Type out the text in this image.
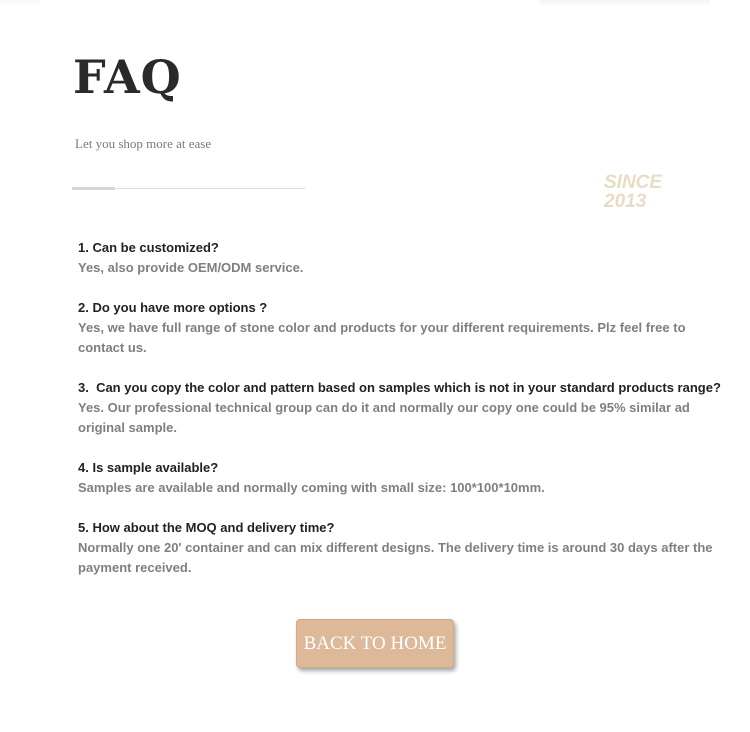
FAQ

Let you shop more at ease

SINCE
2013

1. Can be customized?

Yes, also provide OEM/ODM service.

2. Do you have more options ?

Yes, we have full range of stone color and products for your different requirements. Plz feel free to contact us.

3.  Can you copy the color and pattern based on samples which is not in your standard products range?

Yes. Our professional technical group can do it and normally our copy one could be 95% similar ad original sample.

4. Is sample available?

Samples are available and normally coming with small size: 100*100*10mm.

5. How about the MOQ and delivery time?

Normally one 20' container and can mix different designs. The delivery time is around 30 days after the payment received.

BACK TO HOME
